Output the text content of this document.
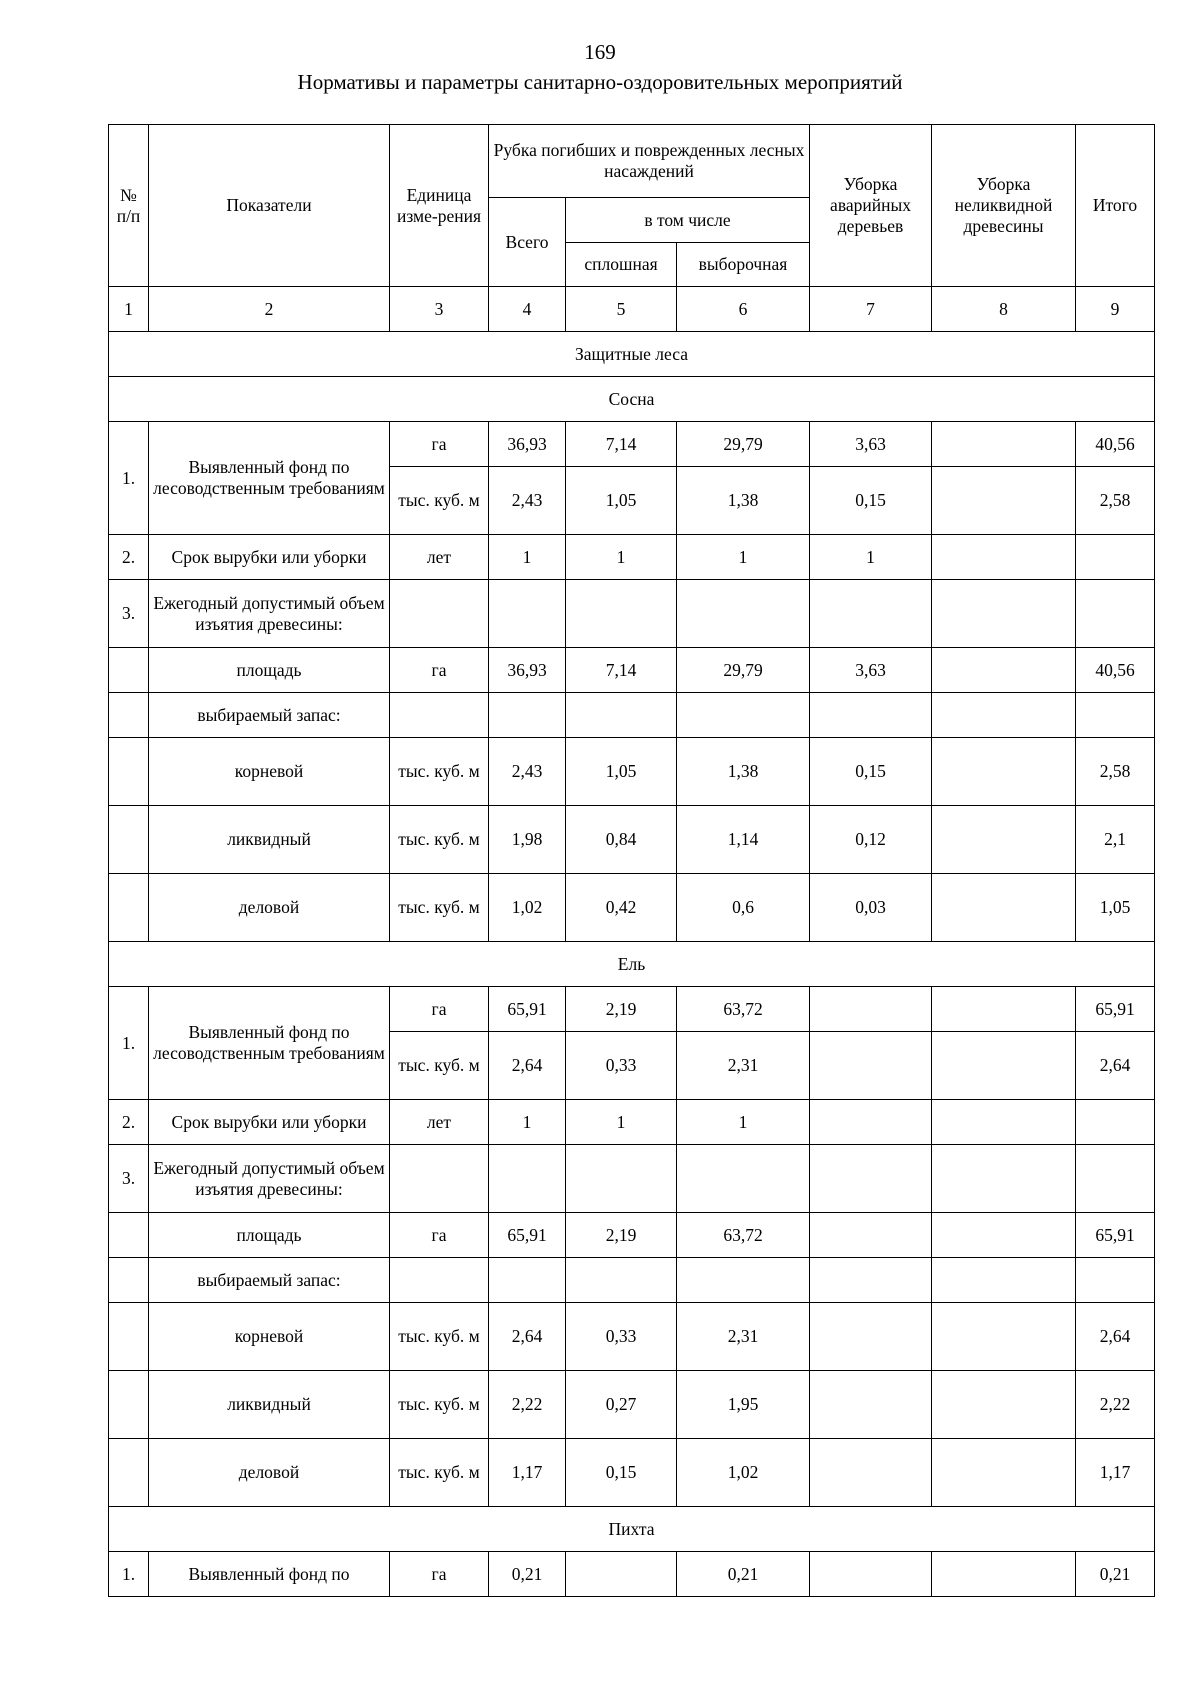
169
Нормативы и параметры санитарно-оздоровительных мероприятий
№ п/п	Показатели	Единица изме-рения	Рубка погибших и поврежденных лесных насаждений			Уборка аварийных деревьев	Уборка неликвидной древесины	Итого
			Всего	в том числе				
				сплошная	выборочная			
1	2	3	4	5	6	7	8	9
Защитные леса								
Сосна								
1.	Выявленный фонд по лесоводственным требованиям	га	36,93	7,14	29,79	3,63		40,56
		тыс. куб. м	2,43	1,05	1,38	0,15		2,58
2.	Срок вырубки или уборки	лет	1	1	1	1		
3.	Ежегодный допустимый объем изъятия древесины:							
	площадь	га	36,93	7,14	29,79	3,63		40,56
	выбираемый запас:							
	корневой	тыс. куб. м	2,43	1,05	1,38	0,15		2,58
	ликвидный	тыс. куб. м	1,98	0,84	1,14	0,12		2,1
	деловой	тыс. куб. м	1,02	0,42	0,6	0,03		1,05
Ель								
1.	Выявленный фонд по лесоводственным требованиям	га	65,91	2,19	63,72			65,91
		тыс. куб. м	2,64	0,33	2,31			2,64
2.	Срок вырубки или уборки	лет	1	1	1			
3.	Ежегодный допустимый объем изъятия древесины:							
	площадь	га	65,91	2,19	63,72			65,91
	выбираемый запас:							
	корневой	тыс. куб. м	2,64	0,33	2,31			2,64
	ликвидный	тыс. куб. м	2,22	0,27	1,95			2,22
	деловой	тыс. куб. м	1,17	0,15	1,02			1,17
Пихта								
1.	Выявленный фонд по	га	0,21		0,21			0,21
